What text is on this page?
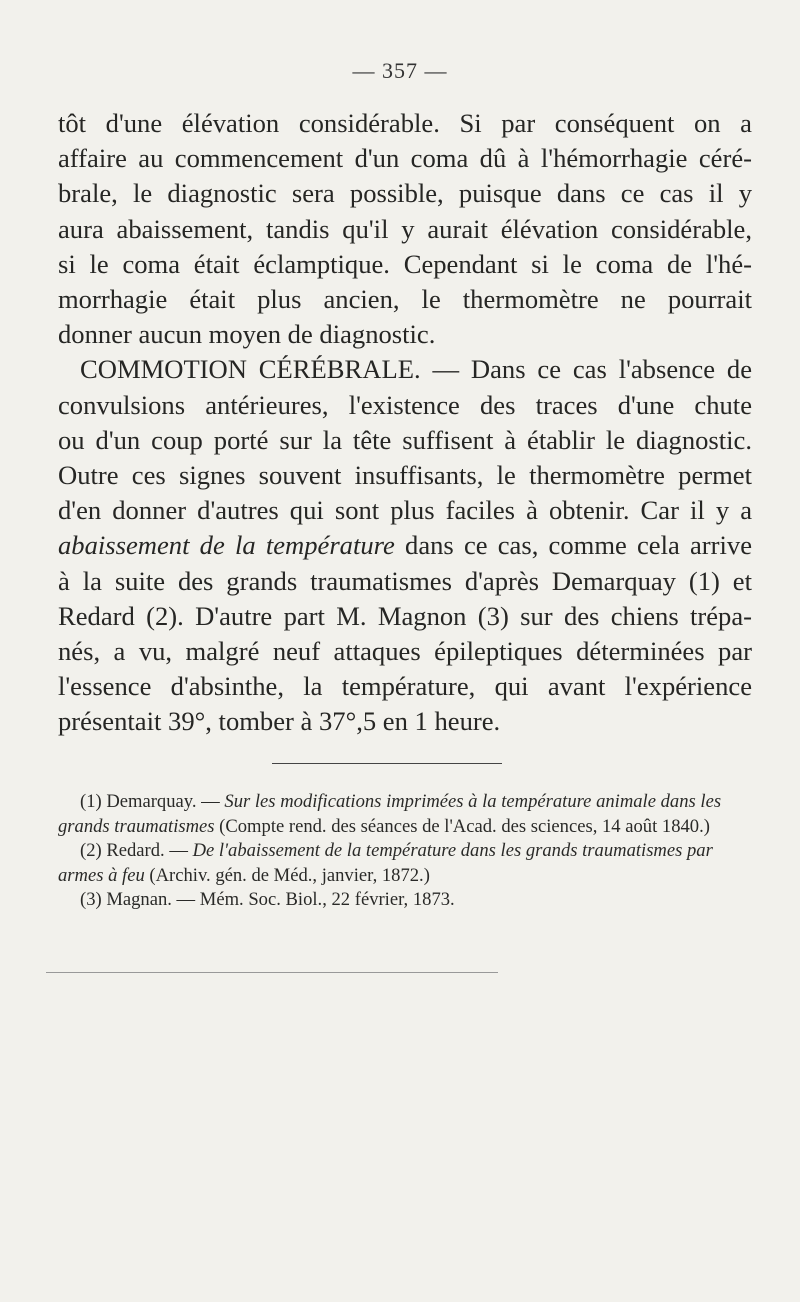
— 357 —
tôt d'une élévation considérable. Si par conséquent on a
affaire au commencement d'un coma dû à l'hémorrhagie céré-
brale, le diagnostic sera possible, puisque dans ce cas il y
aura abaissement, tandis qu'il y aurait élévation considérable,
si le coma était éclamptique. Cependant si le coma de l'hé-
morrhagie était plus ancien, le thermomètre ne pourrait
donner aucun moyen de diagnostic.
COMMOTION CÉRÉBRALE. — Dans ce cas l'absence de
convulsions antérieures, l'existence des traces d'une chute
ou d'un coup porté sur la tête suffisent à établir le diagnostic.
Outre ces signes souvent insuffisants, le thermomètre permet
d'en donner d'autres qui sont plus faciles à obtenir. Car il y a
abaissement de la température dans ce cas, comme cela arrive
à la suite des grands traumatismes d'après Demarquay (1) et
Redard (2). D'autre part M. Magnon (3) sur des chiens trépa-
nés, a vu, malgré neuf attaques épileptiques déterminées par
l'essence d'absinthe, la température, qui avant l'expérience
présentait 39°, tomber à 37°,5 en 1 heure.
(1) Demarquay. — Sur les modifications imprimées à la température animale dans les
grands traumatismes (Compte rend. des séances de l'Acad. des sciences, 14 août 1840.)
(2) Redard. — De l'abaissement de la température dans les grands traumatismes par
armes à feu (Archiv. gén. de Méd., janvier, 1872.)
(3) Magnan. — Mém. Soc. Biol., 22 février, 1873.
